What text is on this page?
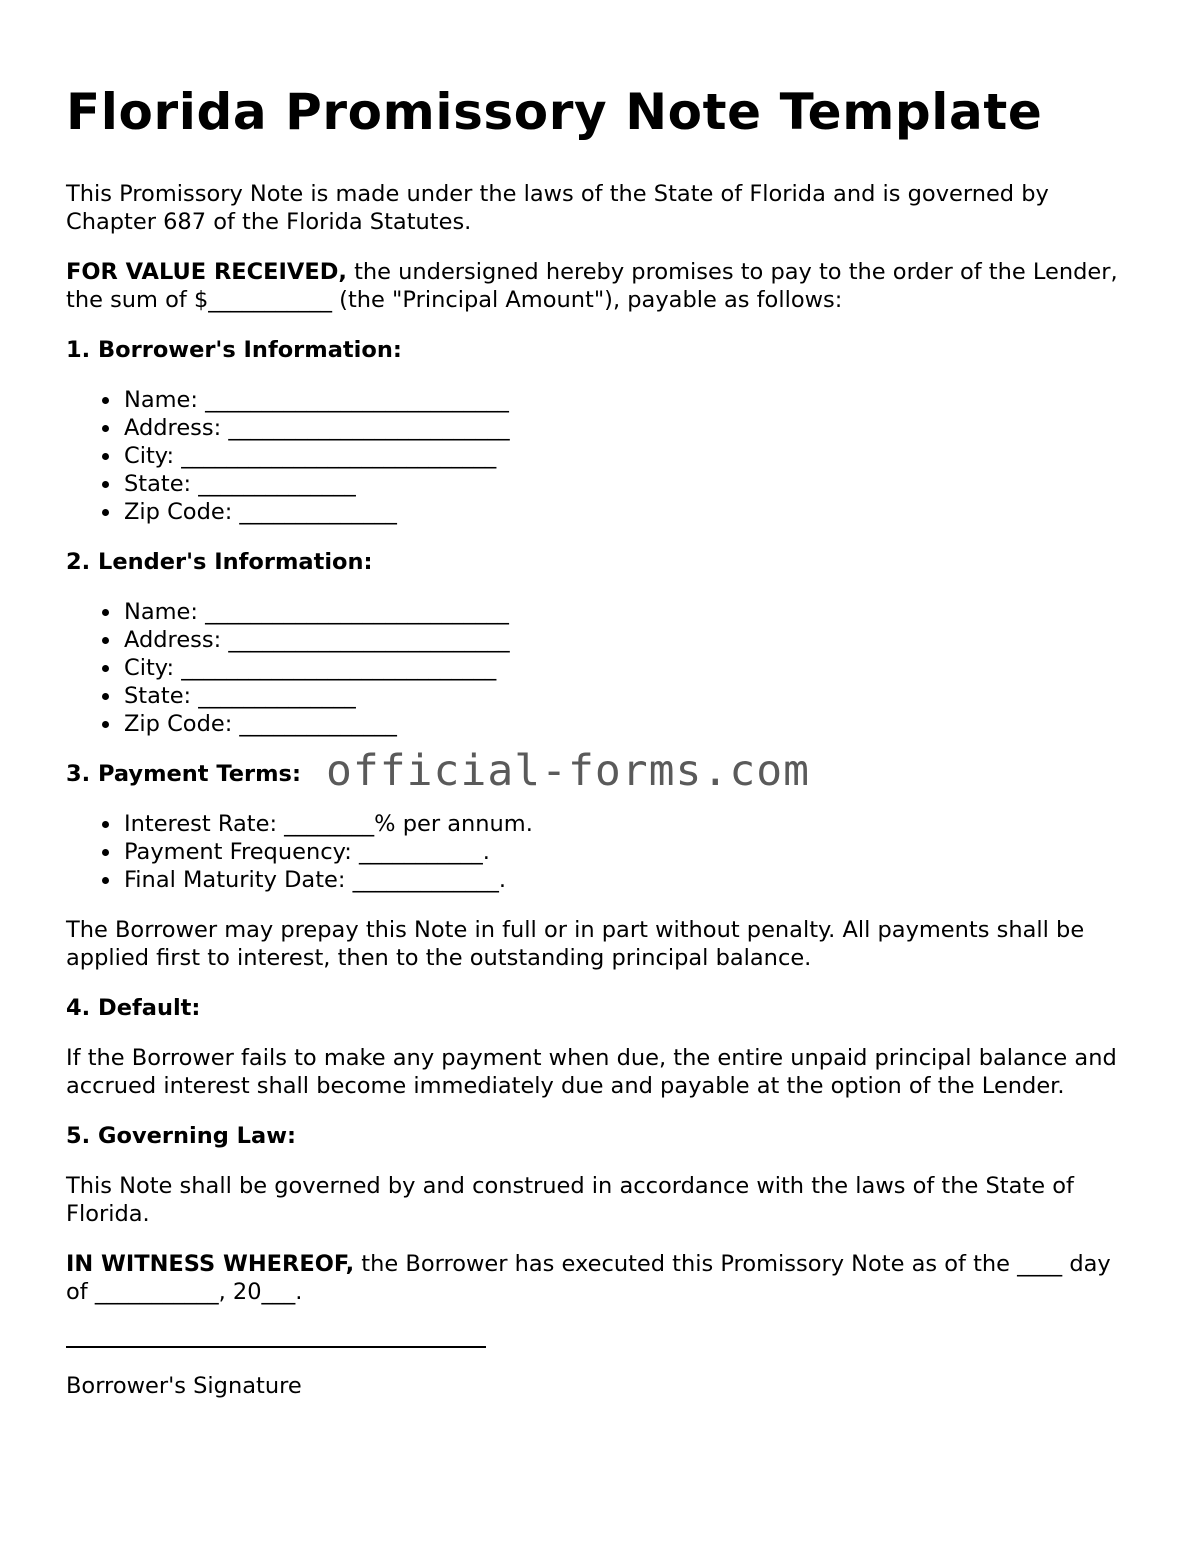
Florida Promissory Note Template

This Promissory Note is made under the laws of the State of Florida and is governed by Chapter 687 of the Florida Statutes.

FOR VALUE RECEIVED, the undersigned hereby promises to pay to the order of the Lender, the sum of $___________ (the "Principal Amount"), payable as follows:

1. Borrower's Information:
Name: ___________________________
Address: _________________________
City: ____________________________
State: ______________
Zip Code: ______________
2. Lender's Information:
Name: ___________________________
Address: _________________________
City: ____________________________
State: ______________
Zip Code: ______________
3. Payment Terms: official-forms.com
Interest Rate: ________% per annum.
Payment Frequency: ___________.
Final Maturity Date: _____________.

The Borrower may prepay this Note in full or in part without penalty. All payments shall be applied first to interest, then to the outstanding principal balance.

4. Default:

If the Borrower fails to make any payment when due, the entire unpaid principal balance and accrued interest shall become immediately due and payable at the option of the Lender.

5. Governing Law:

This Note shall be governed by and construed in accordance with the laws of the State of Florida.

IN WITNESS WHEREOF, the Borrower has executed this Promissory Note as of the ____ day of ___________, 20___.

Borrower's Signature
